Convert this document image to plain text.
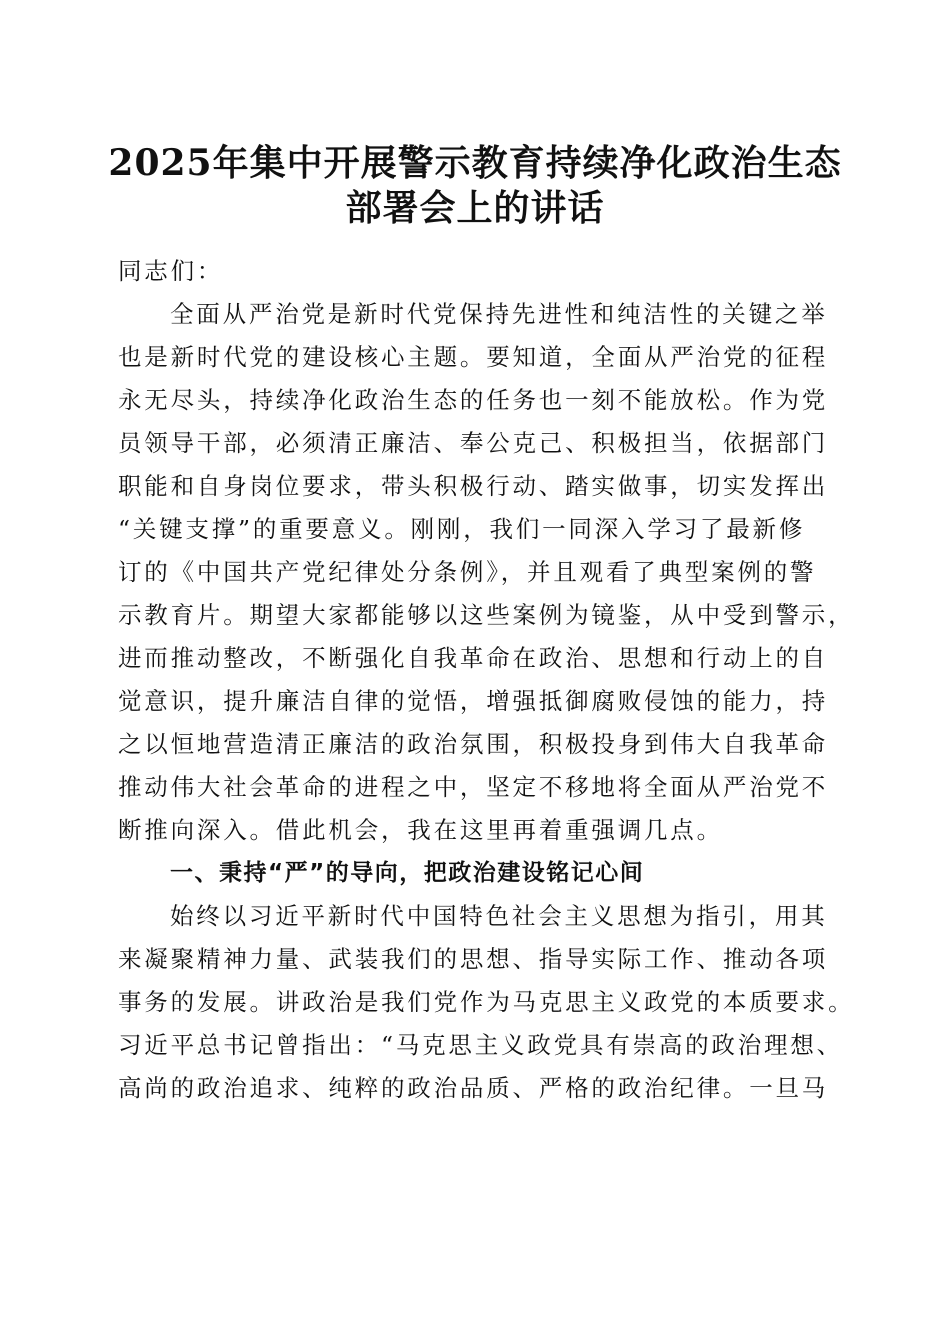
2025年集中开展警示教育持续净化政治生态
部署会上的讲话
同志们：
全面从严治党是新时代党保持先进性和纯洁性的关键之举
也是新时代党的建设核心主题。要知道，全面从严治党的征程
永无尽头，持续净化政治生态的任务也一刻不能放松。作为党
员领导干部，必须清正廉洁、奉公克己、积极担当，依据部门
职能和自身岗位要求，带头积极行动、踏实做事，切实发挥出
“关键支撑”的重要意义。刚刚，我们一同深入学习了最新修
订的《中国共产党纪律处分条例》，并且观看了典型案例的警
示教育片。期望大家都能够以这些案例为镜鉴，从中受到警示，
进而推动整改，不断强化自我革命在政治、思想和行动上的自
觉意识，提升廉洁自律的觉悟，增强抵御腐败侵蚀的能力，持
之以恒地营造清正廉洁的政治氛围，积极投身到伟大自我革命
推动伟大社会革命的进程之中，坚定不移地将全面从严治党不
断推向深入。借此机会，我在这里再着重强调几点。
一、秉持“严”的导向，把政治建设铭记心间
始终以习近平新时代中国特色社会主义思想为指引，用其
来凝聚精神力量、武装我们的思想、指导实际工作、推动各项
事务的发展。讲政治是我们党作为马克思主义政党的本质要求。
习近平总书记曾指出：“马克思主义政党具有崇高的政治理想、
高尚的政治追求、纯粹的政治品质、严格的政治纪律。一旦马
